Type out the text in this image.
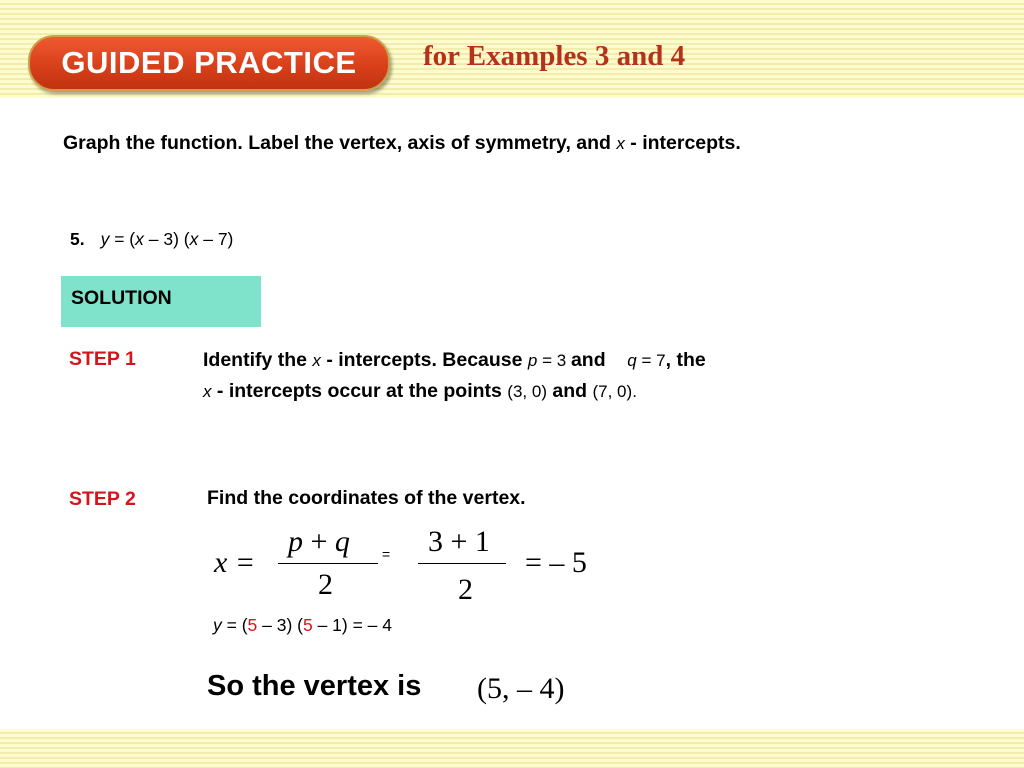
GUIDED PRACTICE for Examples 3 and 4
Graph the function. Label the vertex, axis of symmetry, and x - intercepts.
5. y = (x – 3) (x – 7)
SOLUTION
STEP 1	Identify the x - intercepts. Because p = 3 and q = 7, the
x - intercepts occur at the points (3, 0) and (7, 0).
STEP 2	Find the coordinates of the vertex.
x =
p + q
2
= 3 + 1
2
= – 5
y = (5 – 3) (5 – 1) = – 4
So the vertex is (5, – 4)
